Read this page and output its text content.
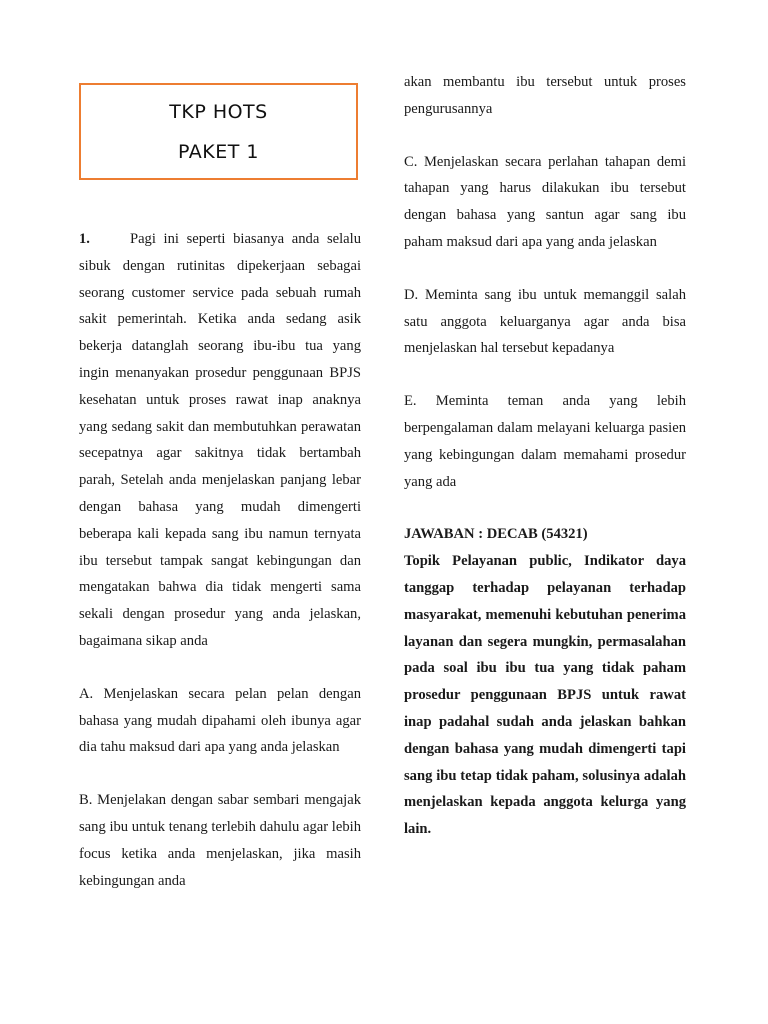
TKP HOTS
PAKET 1

1.	Pagi ini seperti biasanya anda selalu sibuk dengan rutinitas dipekerjaan sebagai seorang customer service pada sebuah rumah sakit pemerintah. Ketika anda sedang asik bekerja datanglah seorang ibu-ibu tua yang ingin menanyakan prosedur penggunaan BPJS kesehatan untuk proses rawat inap anaknya yang sedang sakit dan membutuhkan perawatan secepatnya agar sakitnya tidak bertambah parah, Setelah anda menjelaskan panjang lebar dengan bahasa yang mudah dimengerti beberapa kali kepada sang ibu namun ternyata ibu tersebut tampak sangat kebingungan dan mengatakan bahwa dia tidak mengerti sama sekali dengan prosedur yang anda jelaskan, bagaimana sikap anda

A. Menjelaskan secara pelan pelan dengan bahasa yang mudah dipahami oleh ibunya agar dia tahu maksud dari apa yang anda jelaskan

B. Menjelakan dengan sabar sembari mengajak sang ibu untuk tenang terlebih dahulu agar lebih focus ketika anda menjelaskan, jika masih kebingungan anda

akan membantu ibu tersebut untuk proses pengurusannya

C. Menjelaskan secara perlahan tahapan demi tahapan yang harus dilakukan ibu tersebut dengan bahasa yang santun agar sang ibu paham maksud dari apa yang anda jelaskan

D. Meminta sang ibu untuk memanggil salah satu anggota keluarganya agar anda bisa menjelaskan hal tersebut kepadanya

E. Meminta teman anda yang lebih berpengalaman dalam melayani keluarga pasien yang kebingungan dalam memahami prosedur yang ada

JAWABAN : DECAB (54321)

Topik Pelayanan public, Indikator daya tanggap terhadap pelayanan terhadap masyarakat, memenuhi kebutuhan penerima layanan dan segera mungkin, permasalahan pada soal ibu ibu tua yang tidak paham prosedur penggunaan BPJS untuk rawat inap padahal sudah anda jelaskan bahkan dengan bahasa yang mudah dimengerti tapi sang ibu tetap tidak paham, solusinya adalah menjelaskan kepada anggota kelurga yang lain.
